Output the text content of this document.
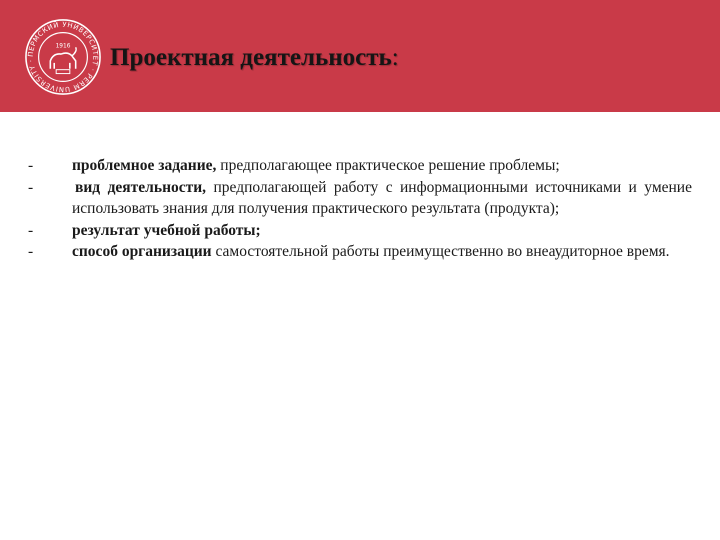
ПЕРМСКИЙ УНИВЕРСИТЕТ · PERM UNIVERSITY ·
1916 Проектная деятельность:
-	проблемное задание, предполагающее практическое решение проблемы;
-	вид деятельности, предполагающей работу с информационными источниками и умение использовать знания для получения практического результата (продукта);
-	результат учебной работы;
-	способ организации самостоятельной работы преимущественно во внеаудиторное время.
